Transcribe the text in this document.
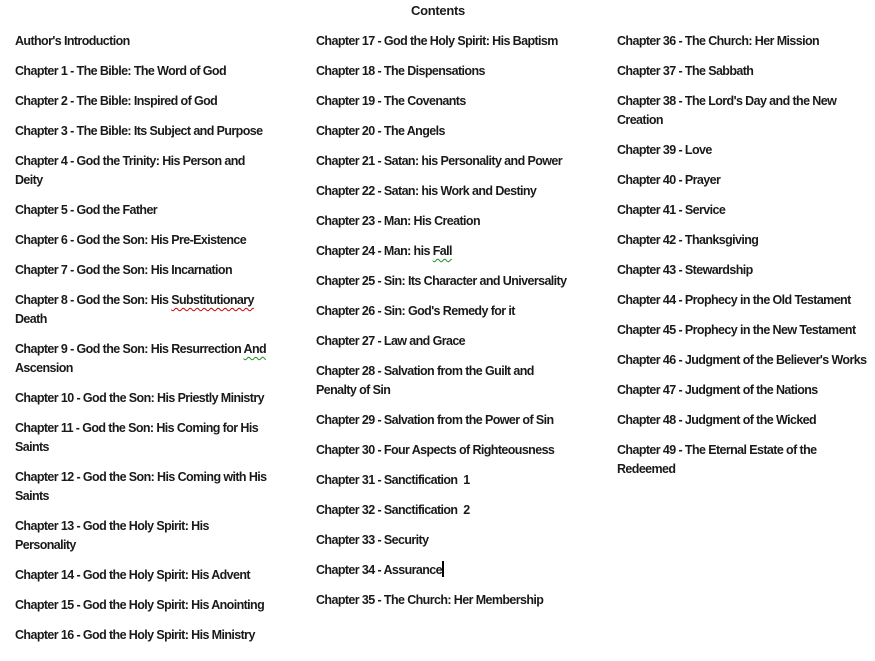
Contents

Author's Introduction

Chapter 1 - The Bible: The Word of God

Chapter 2 - The Bible: Inspired of God

Chapter 3 - The Bible: Its Subject and Purpose

Chapter 4 - God the Trinity: His Person and
Deity

Chapter 5 - God the Father

Chapter 6 - God the Son: His Pre-Existence

Chapter 7 - God the Son: His Incarnation

Chapter 8 - God the Son: His Substitutionary
Death

Chapter 9 - God the Son: His Resurrection And
Ascension

Chapter 10 - God the Son: His Priestly Ministry

Chapter 11 - God the Son: His Coming for His
Saints

Chapter 12 - God the Son: His Coming with His
Saints

Chapter 13 - God the Holy Spirit: His
Personality

Chapter 14 - God the Holy Spirit: His Advent

Chapter 15 - God the Holy Spirit: His Anointing

Chapter 16 - God the Holy Spirit: His Ministry

Chapter 17 - God the Holy Spirit: His Baptism

Chapter 18 - The Dispensations

Chapter 19 - The Covenants

Chapter 20 - The Angels

Chapter 21 - Satan: his Personality and Power

Chapter 22 - Satan: his Work and Destiny

Chapter 23 - Man: His Creation

Chapter 24 - Man: his Fall

Chapter 25 - Sin: Its Character and Universality

Chapter 26 - Sin: God's Remedy for it

Chapter 27 - Law and Grace

Chapter 28 - Salvation from the Guilt and
Penalty of Sin

Chapter 29 - Salvation from the Power of Sin

Chapter 30 - Four Aspects of Righteousness

Chapter 31 - Sanctification  1

Chapter 32 - Sanctification  2

Chapter 33 - Security

Chapter 34 - Assurance

Chapter 35 - The Church: Her Membership

Chapter 36 - The Church: Her Mission

Chapter 37 - The Sabbath

Chapter 38 - The Lord's Day and the New
Creation

Chapter 39 - Love

Chapter 40 - Prayer

Chapter 41 - Service

Chapter 42 - Thanksgiving

Chapter 43 - Stewardship

Chapter 44 - Prophecy in the Old Testament

Chapter 45 - Prophecy in the New Testament

Chapter 46 - Judgment of the Believer's Works

Chapter 47 - Judgment of the Nations

Chapter 48 - Judgment of the Wicked

Chapter 49 - The Eternal Estate of the
Redeemed
